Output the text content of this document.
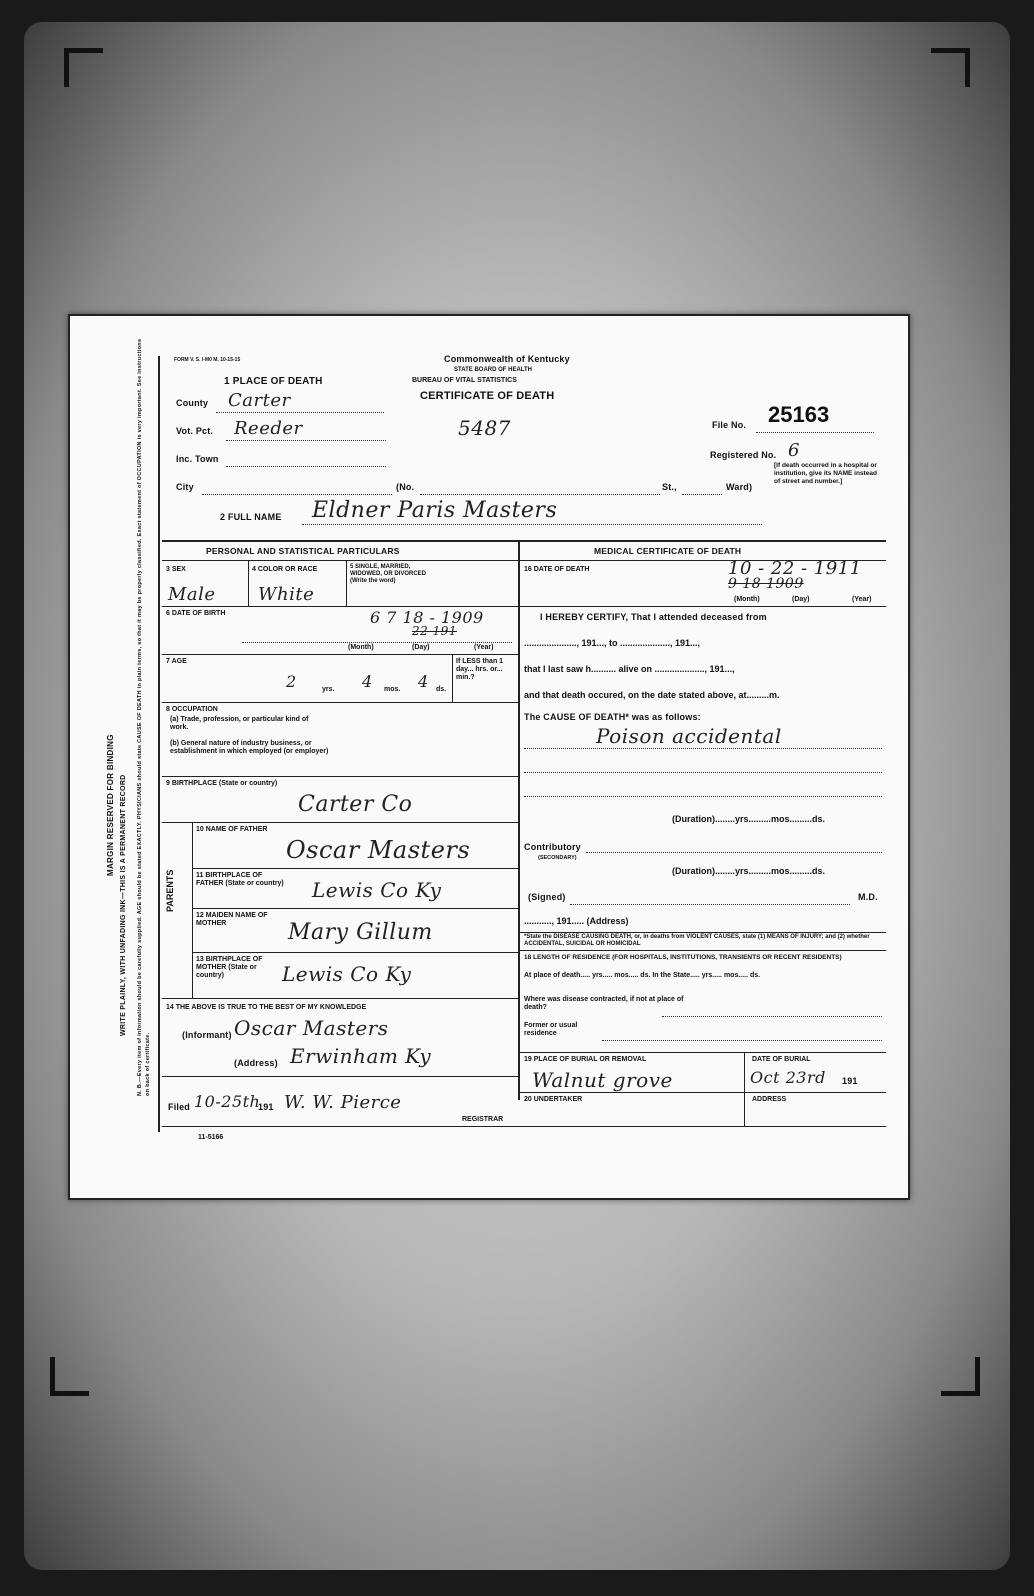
MARGIN RESERVED FOR BINDING WRITE PLAINLY, WITH UNFADING INK—THIS IS A PERMANENT RECORD N. B.—Every item of information should be carefully supplied. AGE should be stated EXACTLY. PHYSICIANS should state CAUSE OF DEATH in plain terms, so that it may be properly classified. Exact statement of OCCUPATION is very important. See instructions on back of certificate.
FORM V. S. I-M0 M. 10-15-15	Commonwealth of Kentucky
STATE BOARD OF HEALTH
BUREAU OF VITAL STATISTICS
CERTIFICATE OF DEATH
1 PLACE OF DEATH
County Carter
Vot. Pct. Reeder	5487
Inc. Town
City	(No.	St.,	Ward)
File No. 25163
Registered No. 6
[If death occurred in a hospital or institution, give its NAME instead of street and number.]
2 FULL NAME Eldner Paris Masters
PERSONAL AND STATISTICAL PARTICULARS
3 SEX
Male
4 COLOR OR RACE
White
5 SINGLE, MARRIED, WIDOWED, OR DIVORCED (Write the word)
6 DATE OF BIRTH	6 7 18 - 1909
22 191
(Month)	(Day)	(Year)
7 AGE
2	4	4
yrs.	mos.	ds.
If LESS than 1 day... hrs. or... min.?
8 OCCUPATION
(a) Trade, profession, or particular kind of work.
(b) General nature of industry business, or establishment in which employed (or employer)
9 BIRTHPLACE (State or country)
Carter Co
PARENTS
10 NAME OF FATHER
Oscar Masters
11 BIRTHPLACE OF FATHER (State or country) Lewis Co Ky
12 MAIDEN NAME OF MOTHER	Mary Gillum
13 BIRTHPLACE OF MOTHER (State or country)	Lewis Co Ky
14 THE ABOVE IS TRUE TO THE BEST OF MY KNOWLEDGE
(Informant) Oscar Masters
(Address) Erwinham Ky
Filed 10-25th
191 W. W. Pierce
REGISTRAR
11-5166
MEDICAL CERTIFICATE OF DEATH
16 DATE OF DEATH	10 - 22 - 1911
9 18 1909
(Month)	(Day)	(Year)
I HEREBY CERTIFY, That I attended deceased from
....................., 191..., to ...................., 191...,
that I last saw h.......... alive on ...................., 191...,
and that death occured, on the date stated above, at.........m.
The CAUSE OF DEATH* was as follows:
Poison accidental
(Duration)........yrs.........mos.........ds.
Contributory
(SECONDARY)
(Duration)........yrs.........mos.........ds.
(Signed)	M.D.
..........., 191..... (Address)
*State the DISEASE CAUSING DEATH, or, in deaths from VIOLENT CAUSES, state (1) MEANS OF INJURY; and (2) whether ACCIDENTAL, SUICIDAL OR HOMICIDAL
18 LENGTH OF RESIDENCE (FOR HOSPITALS, INSTITUTIONS, TRANSIENTS OR RECENT RESIDENTS)
At place of death..... yrs..... mos..... ds. In the State..... yrs..... mos..... ds.
Where was disease contracted, if not at place of death?
Former or usual residence
19 PLACE OF BURIAL OR REMOVAL
Walnut grove
DATE OF BURIAL
Oct 23rd 191
20 UNDERTAKER	ADDRESS
